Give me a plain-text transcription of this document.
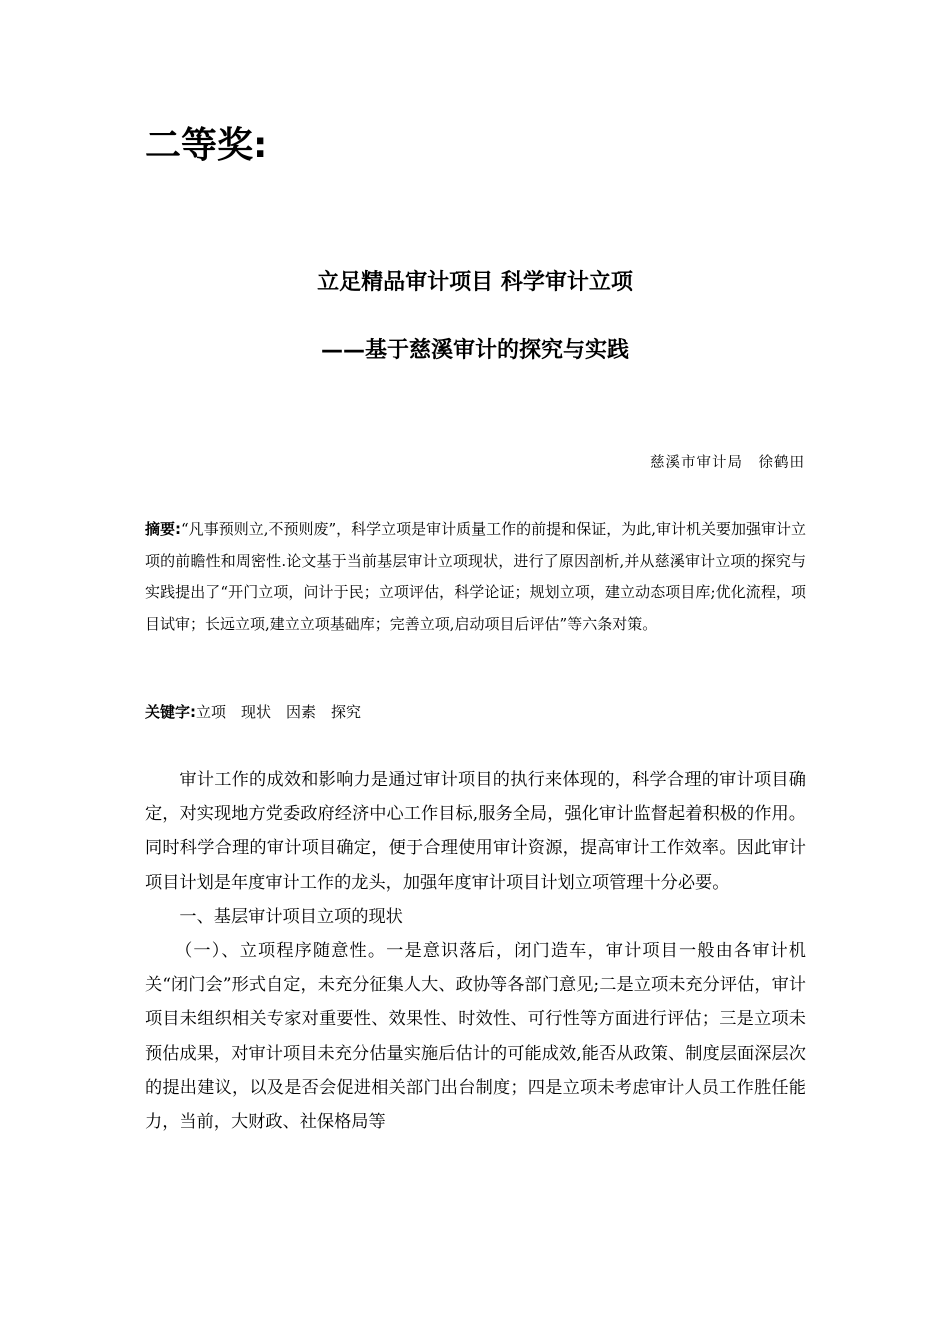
二等奖:
立足精品审计项目 科学审计立项
——基于慈溪审计的探究与实践
慈溪市审计局　徐鹤田
摘要:“凡事预则立,不预则废”，科学立项是审计质量工作的前提和保证，为此,审计机关要加强审计立项的前瞻性和周密性.论文基于当前基层审计立项现状，进行了原因剖析,并从慈溪审计立项的探究与实践提出了“开门立项，问计于民；立项评估，科学论证；规划立项，建立动态项目库;优化流程，项目试审；长远立项,建立立项基础库；完善立项,启动项目后评估”等六条对策。
关键字:立项　现状　因素　探究

审计工作的成效和影响力是通过审计项目的执行来体现的，科学合理的审计项目确定，对实现地方党委政府经济中心工作目标,服务全局，强化审计监督起着积极的作用。同时科学合理的审计项目确定，便于合理使用审计资源，提高审计工作效率。因此审计项目计划是年度审计工作的龙头，加强年度审计项目计划立项管理十分必要。

一、基层审计项目立项的现状

（一）、立项程序随意性。一是意识落后，闭门造车，审计项目一般由各审计机关“闭门会”形式自定，未充分征集人大、政协等各部门意见;二是立项未充分评估，审计项目未组织相关专家对重要性、效果性、时效性、可行性等方面进行评估；三是立项未预估成果，对审计项目未充分估量实施后估计的可能成效,能否从政策、制度层面深层次的提出建议，以及是否会促进相关部门出台制度；四是立项未考虑审计人员工作胜任能力，当前，大财政、社保格局等
